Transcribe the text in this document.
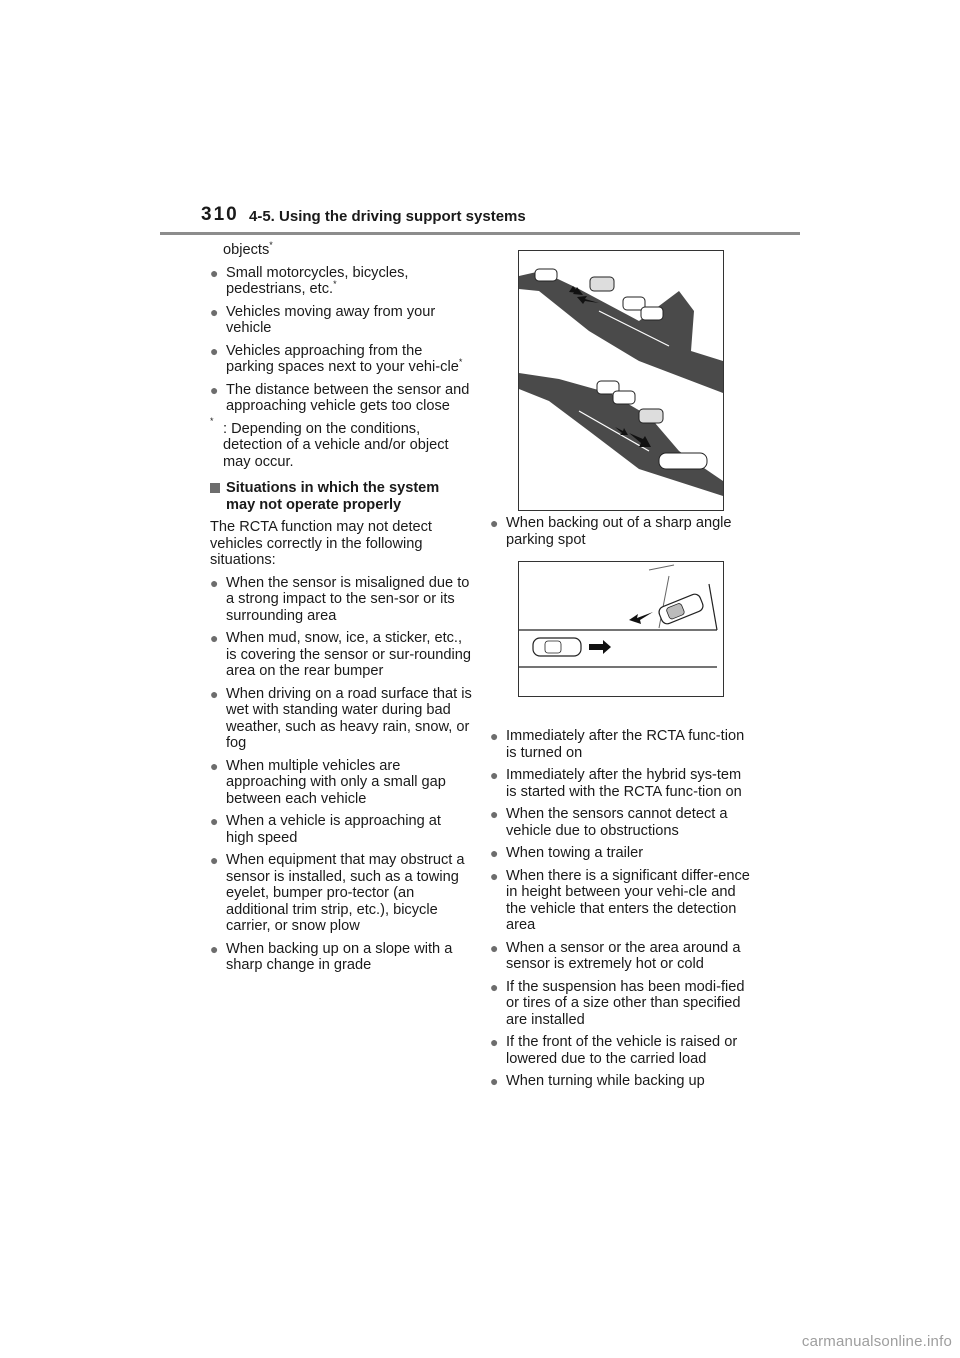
310 4-5. Using the driving support systems
objects*
● Small motorcycles, bicycles, pedestrians, etc.*
● Vehicles moving away from your vehicle
● Vehicles approaching from the parking spaces next to your vehi-cle*
● The distance between the sensor and approaching vehicle gets too close
* : Depending on the conditions, detection of a vehicle and/or object may occur.
Situations in which the system may not operate properly
The RCTA function may not detect vehicles correctly in the following situations:
● When the sensor is misaligned due to a strong impact to the sen-sor or its surrounding area
● When mud, snow, ice, a sticker, etc., is covering the sensor or sur-rounding area on the rear bumper
● When driving on a road surface that is wet with standing water during bad weather, such as heavy rain, snow, or fog
● When multiple vehicles are approaching with only a small gap between each vehicle
● When a vehicle is approaching at high speed
● When equipment that may obstruct a sensor is installed, such as a towing eyelet, bumper pro-tector (an additional trim strip, etc.), bicycle carrier, or snow plow
● When backing up on a slope with a sharp change in grade
● When backing out of a sharp angle parking spot
● Immediately after the RCTA func-tion is turned on
● Immediately after the hybrid sys-tem is started with the RCTA func-tion on
● When the sensors cannot detect a vehicle due to obstructions
● When towing a trailer
● When there is a significant differ-ence in height between your vehi-cle and the vehicle that enters the detection area
● When a sensor or the area around a sensor is extremely hot or cold
● If the suspension has been modi-fied or tires of a size other than specified are installed
● If the front of the vehicle is raised or lowered due to the carried load
● When turning while backing up
carmanualsonline.info
